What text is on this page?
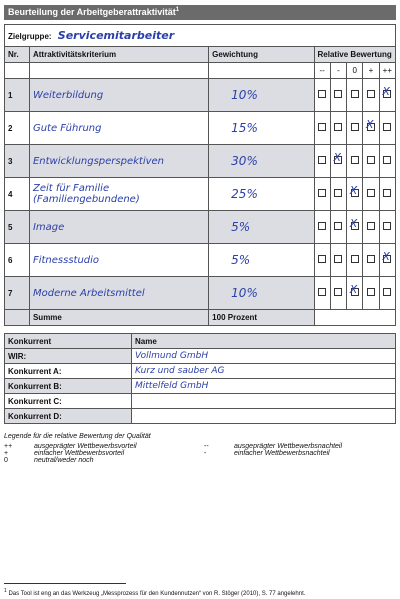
Beurteilung der Arbeitgeberattraktivität$^1$
Zielgruppe: Servicemitarbeiter							
Nr.	Attraktivitätskriterium	Gewichtung	Relative Bewertung				
			--	-	0	+	++
1	Weiterbildung	10%					X
2	Gute Führung	15%				X	
3	Entwicklungsperspektiven	30%		X			
4	Zeit für Familie (Familiengebundene)	25%			X		
5	Image	5%			X		
6	Fitnessstudio	5%					X
7	Moderne Arbeitsmittel	10%			X		
	Summe	100 Prozent					
Konkurrent	Name
WIR:	Vollmund GmbH
Konkurrent A:	Kurz und sauber AG
Konkurrent B:	Mittelfeld GmbH
Konkurrent C:	
Konkurrent D:	
Legende für die relative Bewertung der Qualität
++	ausgeprägter Wettbewerbsvorteil
+	einfacher Wettbewerbsvorteil
0	neutral/weder noch
--	ausgeprägter Wettbewerbsnachteil
-	einfacher Wettbewerbsnachteil
$^1$ Das Tool ist eng an das Werkzeug „Messprozess für den Kundennutzen“ von R. Stöger (2010), S. 77 angelehnt.
